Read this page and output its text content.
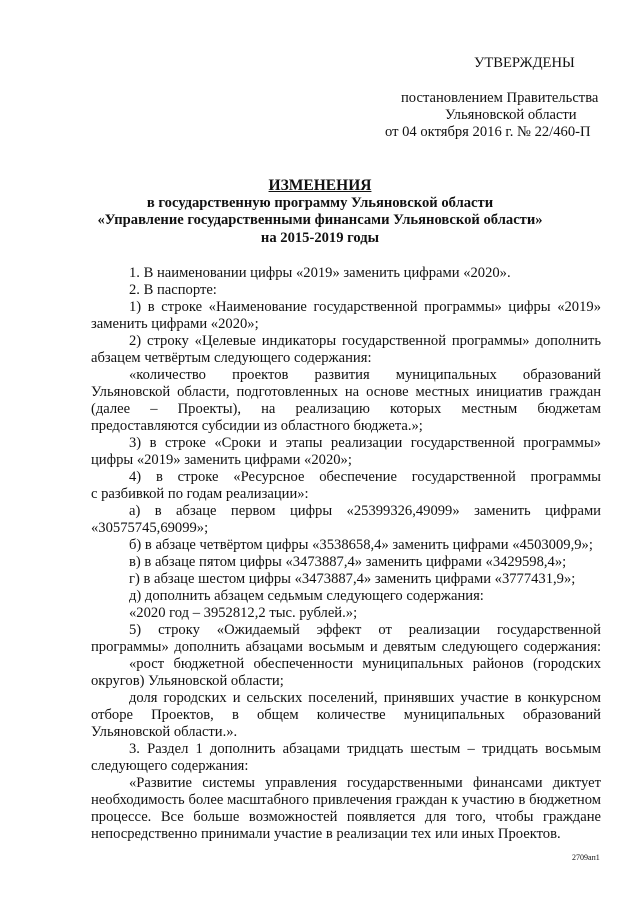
УТВЕРЖДЕНЫ
постановлением Правительства
Ульяновской области
от 04 октября 2016 г. № 22/460-П
ИЗМЕНЕНИЯ
в государственную программу Ульяновской области
«Управление государственными финансами Ульяновской области»
на 2015-2019 годы
1. В наименовании цифры «2019» заменить цифрами «2020».
2. В паспорте:
1) в строке «Наименование государственной программы» цифры «2019»
заменить цифрами «2020»;
2) строку «Целевые индикаторы государственной программы» дополнить
абзацем четвёртым следующего содержания:
«количество проектов развития муниципальных образований
Ульяновской области, подготовленных на основе местных инициатив граждан
(далее – Проекты), на реализацию которых местным бюджетам
предоставляются субсидии из областного бюджета.»;
3) в строке «Сроки и этапы реализации государственной программы»
цифры «2019» заменить цифрами «2020»;
4) в строке «Ресурсное обеспечение государственной программы
с разбивкой по годам реализации»:
а) в абзаце первом цифры «25399326,49099» заменить цифрами
«30575745,69099»;
б) в абзаце четвёртом цифры «3538658,4» заменить цифрами «4503009,9»;
в) в абзаце пятом цифры «3473887,4» заменить цифрами «3429598,4»;
г) в абзаце шестом цифры «3473887,4» заменить цифрами «3777431,9»;
д) дополнить абзацем седьмым следующего содержания:
«2020 год – 3952812,2 тыс. рублей.»;
5) строку «Ожидаемый эффект от реализации государственной
программы» дополнить абзацами восьмым и девятым следующего содержания:
«рост бюджетной обеспеченности муниципальных районов (городских
округов) Ульяновской области;
доля городских и сельских поселений, принявших участие в конкурсном
отборе Проектов, в общем количестве муниципальных образований
Ульяновской области.».
3. Раздел 1 дополнить абзацами тридцать шестым – тридцать восьмым
следующего содержания:
«Развитие системы управления государственными финансами диктует
необходимость более масштабного привлечения граждан к участию в бюджетном
процессе. Все больше возможностей появляется для того, чтобы граждане
непосредственно принимали участие в реализации тех или иных Проектов.
2709ап1
